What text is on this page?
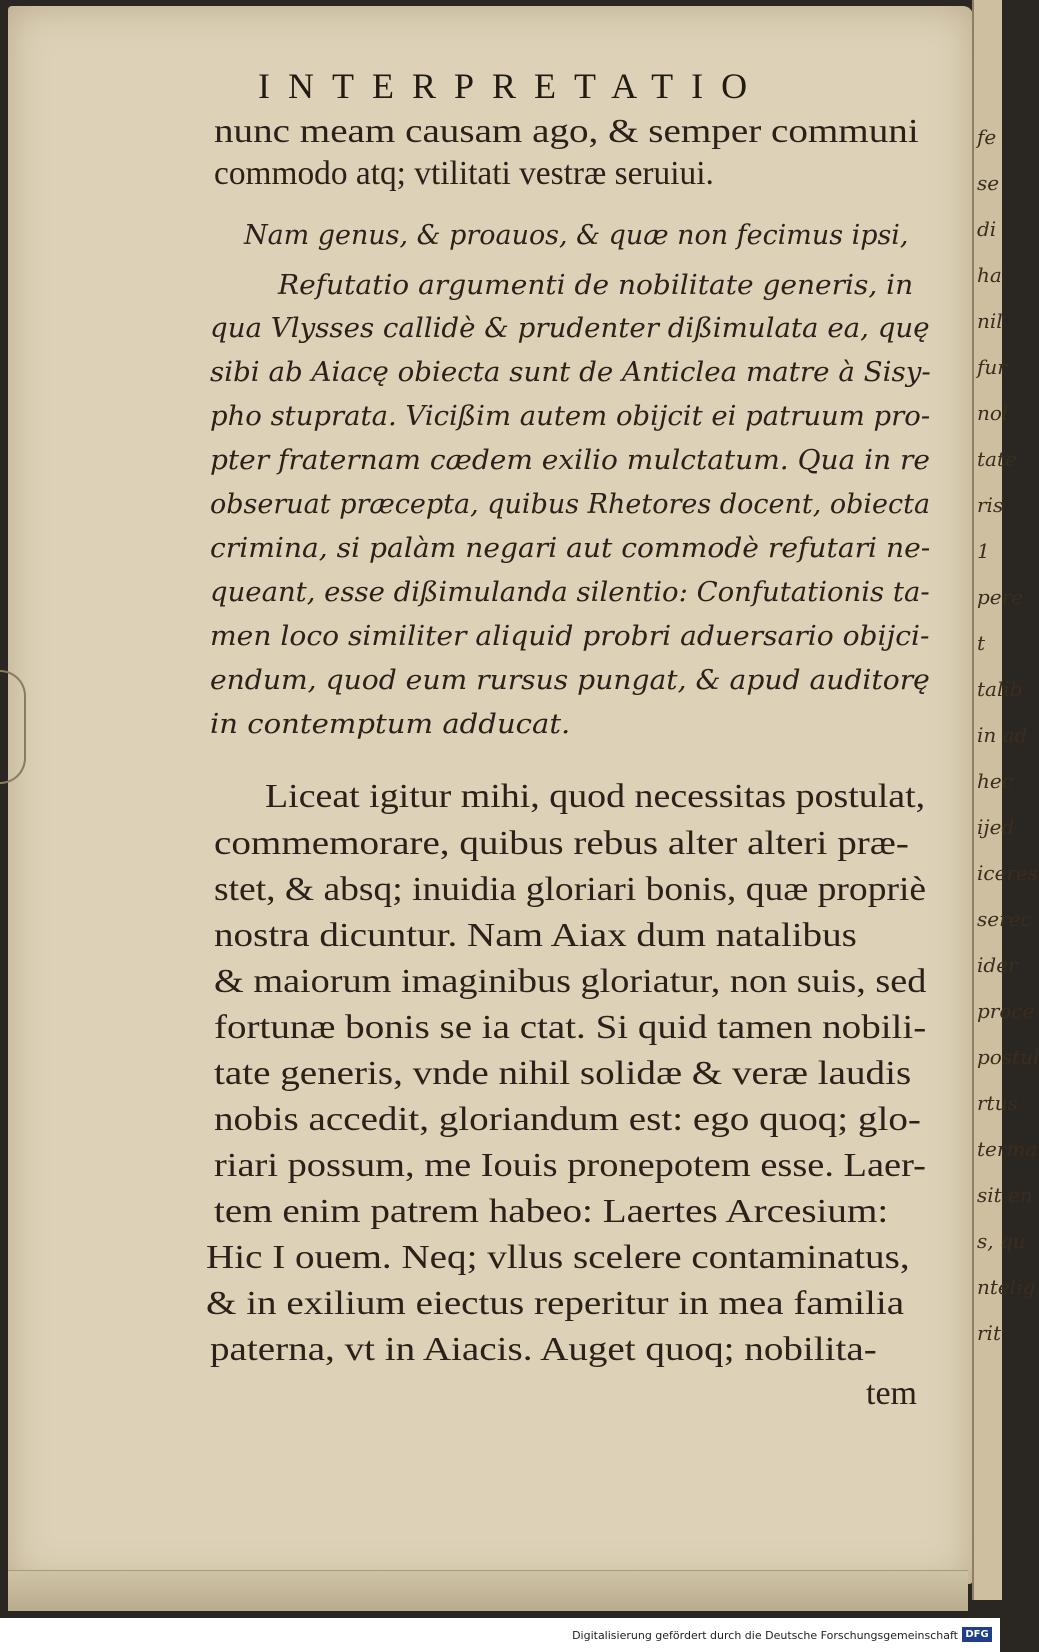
fe
se
di
ha
nil
fur
nol
tate
ris
1
pere
t
talib
in ad
hec
ijed
iceres
serec
ider
proce
postul
rtus
terma
sit en
s, qu
ntelig
rit
INTERPRETATIO
nunc meam causam ago, & semper communi
commodo atq; vtilitati vestræ seruiui.
Nam genus, & proauos, & quæ non fecimus ipsi,
Refutatio argumenti de nobilitate generis, in
qua Vlysses callidè & prudenter dißimulata ea, quę
sibi ab Aiacę obiecta sunt de Anticlea matre à Sisy-
pho stuprata. Vicißim autem obijcit ei patruum pro-
pter fraternam cædem exilio mulctatum. Qua in re
obseruat præcepta, quibus Rhetores docent, obiecta
crimina, si palàm negari aut commodè refutari ne-
queant, esse dißimulanda silentio: Confutationis ta-
men loco similiter aliquid probri aduersario obijci-
endum, quod eum rursus pungat, & apud auditorę
in contemptum adducat.
Liceat igitur mihi, quod necessitas postulat,
commemorare, quibus rebus alter alteri præ-
stet, & absq; inuidia gloriari bonis, quæ propriè
nostra dicuntur. Nam Aiax dum natalibus
& maiorum imaginibus gloriatur, non suis, sed
fortunæ bonis se ia ctat. Si quid tamen nobili-
tate generis, vnde nihil solidæ & veræ laudis
nobis accedit, gloriandum est: ego quoq; glo-
riari possum, me Iouis pronepotem esse. Laer-
tem enim patrem habeo: Laertes Arcesium:
Hic I ouem. Neq; vllus scelere contaminatus,
& in exilium eiectus reperitur in mea familia
paterna, vt in Aiacis. Auget quoq; nobilita-
tem
Digitalisierung gefördert durch die Deutsche Forschungsgemeinschaft DFG
